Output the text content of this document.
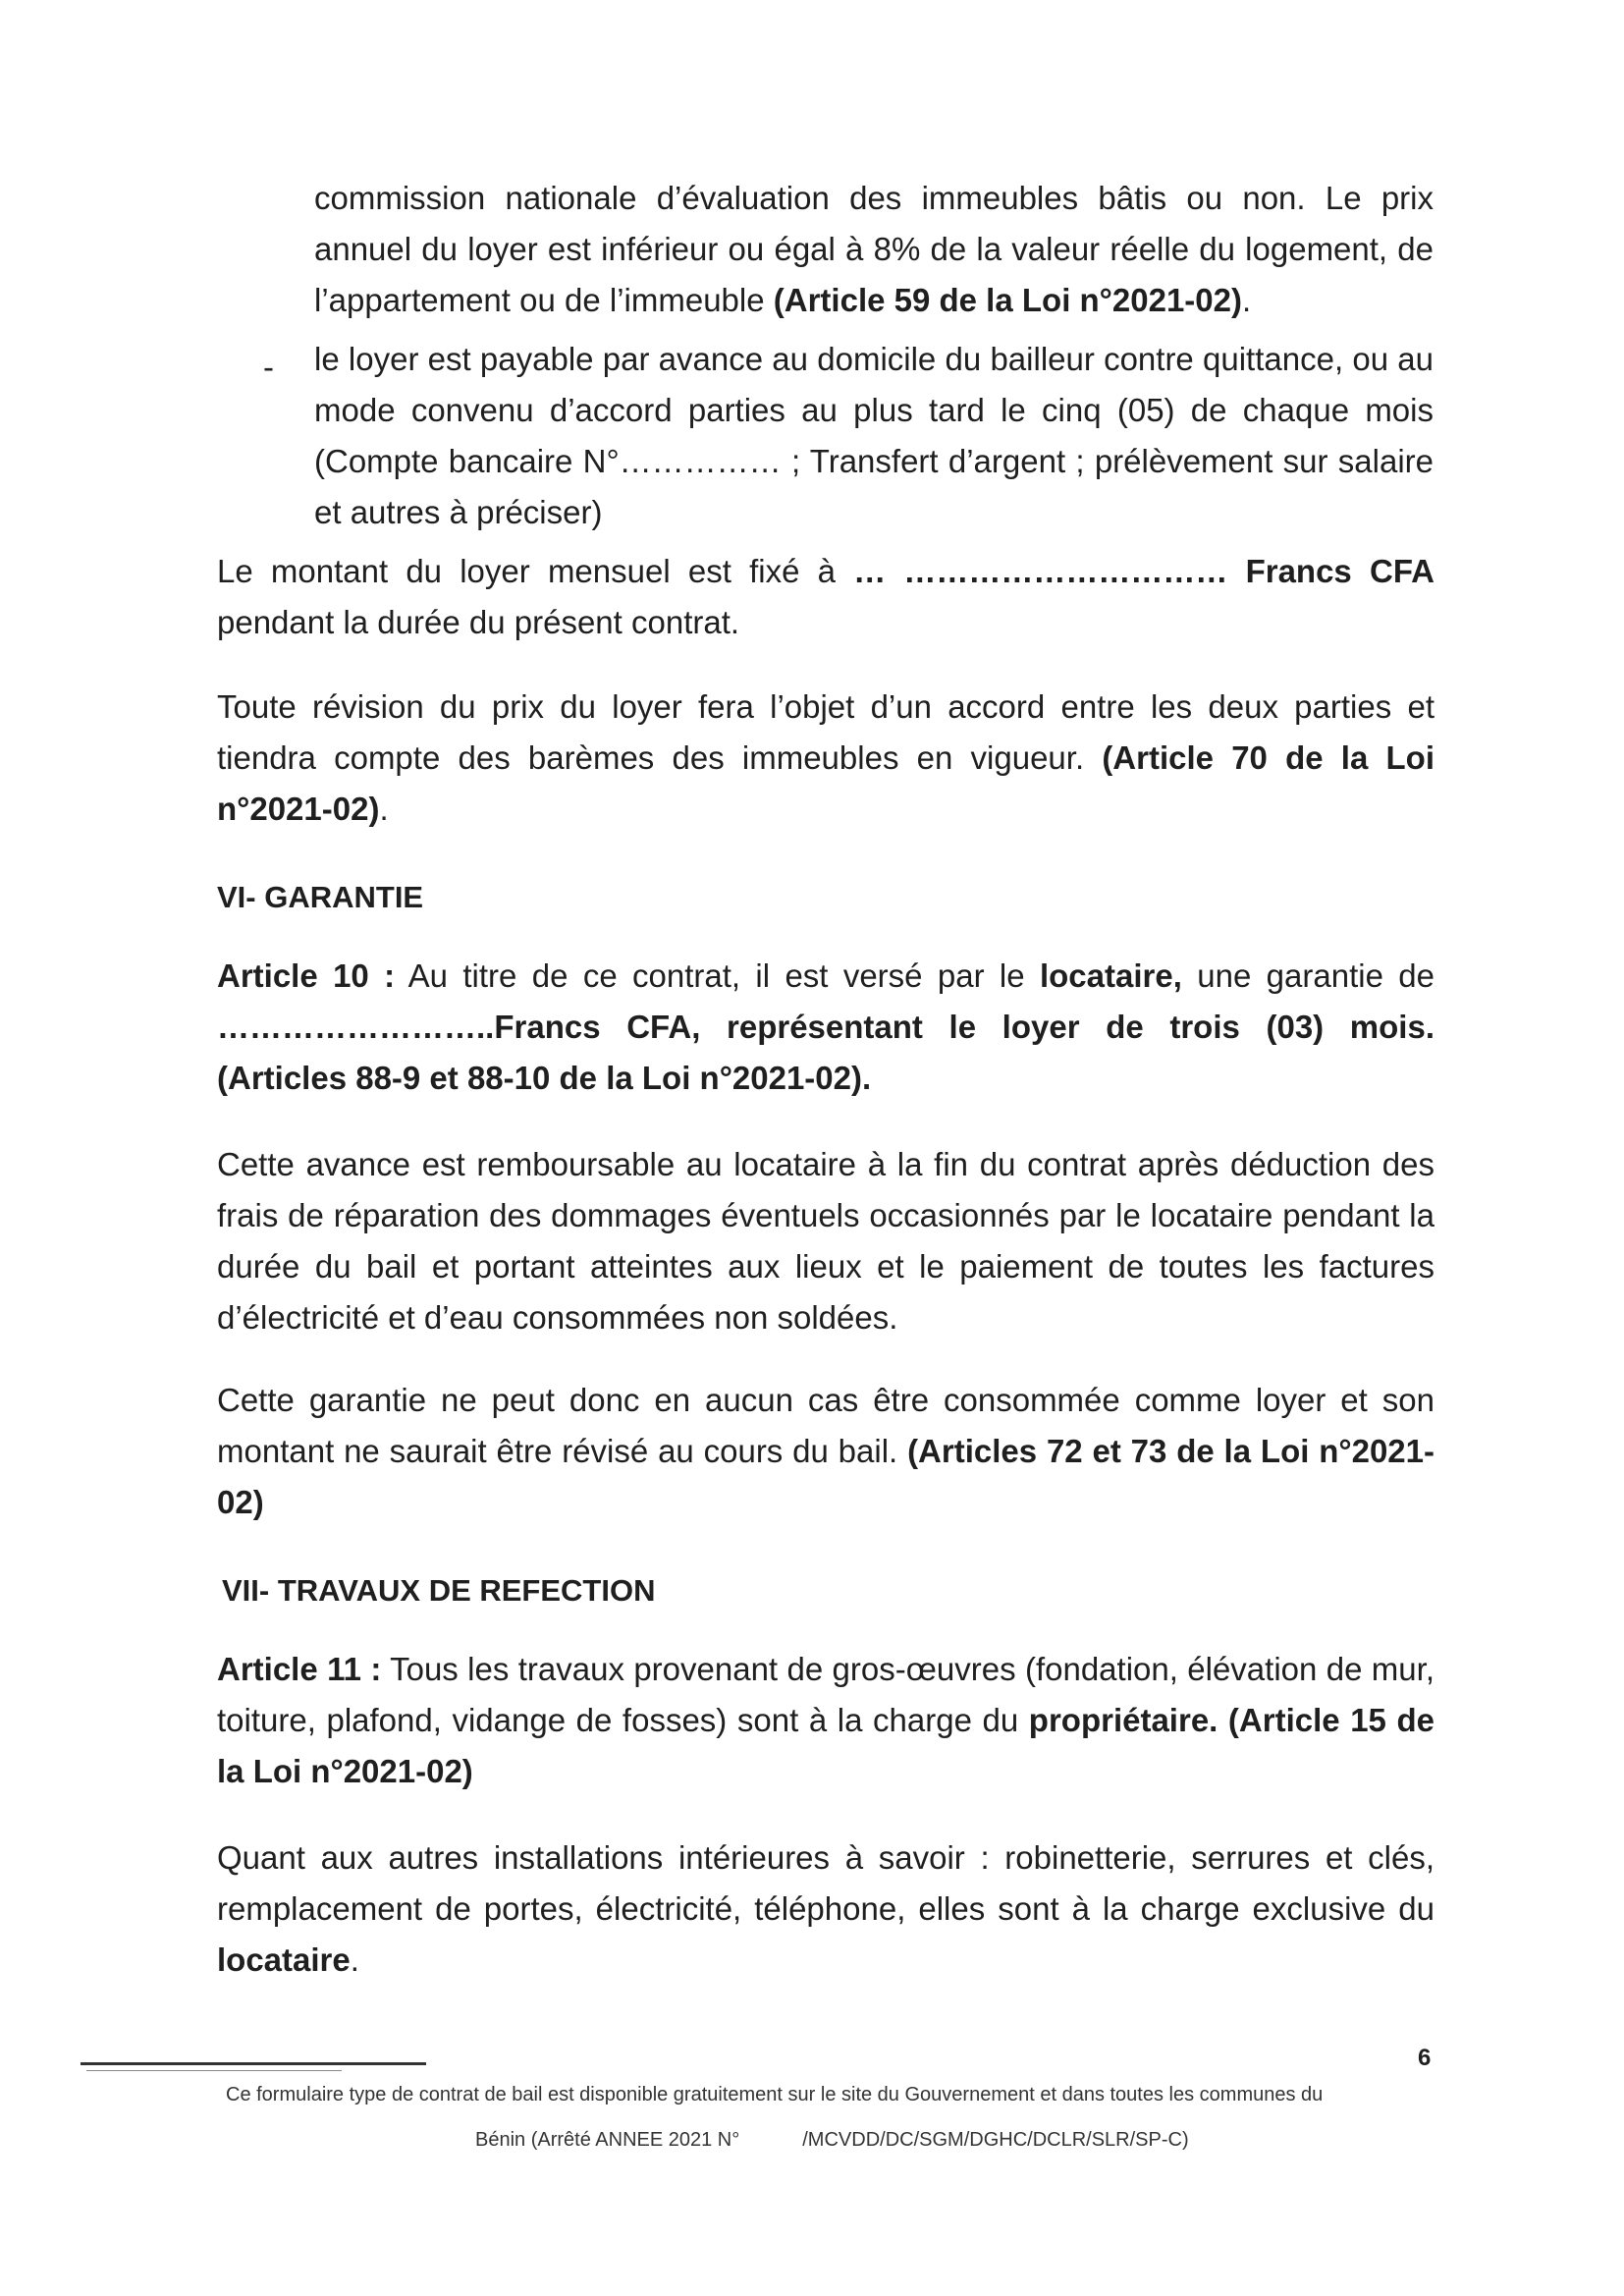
commission nationale d’évaluation des immeubles bâtis ou non. Le prix annuel du loyer est inférieur ou égal à 8% de la valeur réelle du logement, de l’appartement ou de l’immeuble (Article 59 de la Loi n°2021-02).

- le loyer est payable par avance au domicile du bailleur contre quittance, ou au mode convenu d’accord parties au plus tard le cinq (05) de chaque mois (Compte bancaire N°…………… ; Transfert d’argent ; prélèvement sur salaire et autres à préciser)

Le montant du loyer mensuel est fixé à … ………………………… Francs CFA pendant la durée du présent contrat.

Toute révision du prix du loyer fera l’objet d’un accord entre les deux parties et tiendra compte des barèmes des immeubles en vigueur. (Article 70 de la Loi n°2021-02).

VI- GARANTIE

Article 10 : Au titre de ce contrat, il est versé par le locataire, une garantie de ……………………..Francs CFA, représentant le loyer de trois (03) mois. (Articles 88-9 et 88-10 de la Loi n°2021-02).

Cette avance est remboursable au locataire à la fin du contrat après déduction des frais de réparation des dommages éventuels occasionnés par le locataire pendant la durée du bail et portant atteintes aux lieux et le paiement de toutes les factures d’électricité et d’eau consommées non soldées.

Cette garantie ne peut donc en aucun cas être consommée comme loyer et son montant ne saurait être révisé au cours du bail. (Articles 72 et 73 de la Loi n°2021-02)

VII- TRAVAUX DE REFECTION

Article 11 : Tous les travaux provenant de gros-œuvres (fondation, élévation de mur, toiture, plafond, vidange de fosses) sont à la charge du propriétaire. (Article 15 de la Loi n°2021-02)

Quant aux autres installations intérieures à savoir : robinetterie, serrures et clés, remplacement de portes, électricité, téléphone, elles sont à la charge exclusive du locataire.

6
Ce formulaire type de contrat de bail est disponible gratuitement sur le site du Gouvernement et dans toutes les communes du
Bénin (Arrêté ANNEE 2021 N°	/MCVDD/DC/SGM/DGHC/DCLR/SLR/SP-C)
